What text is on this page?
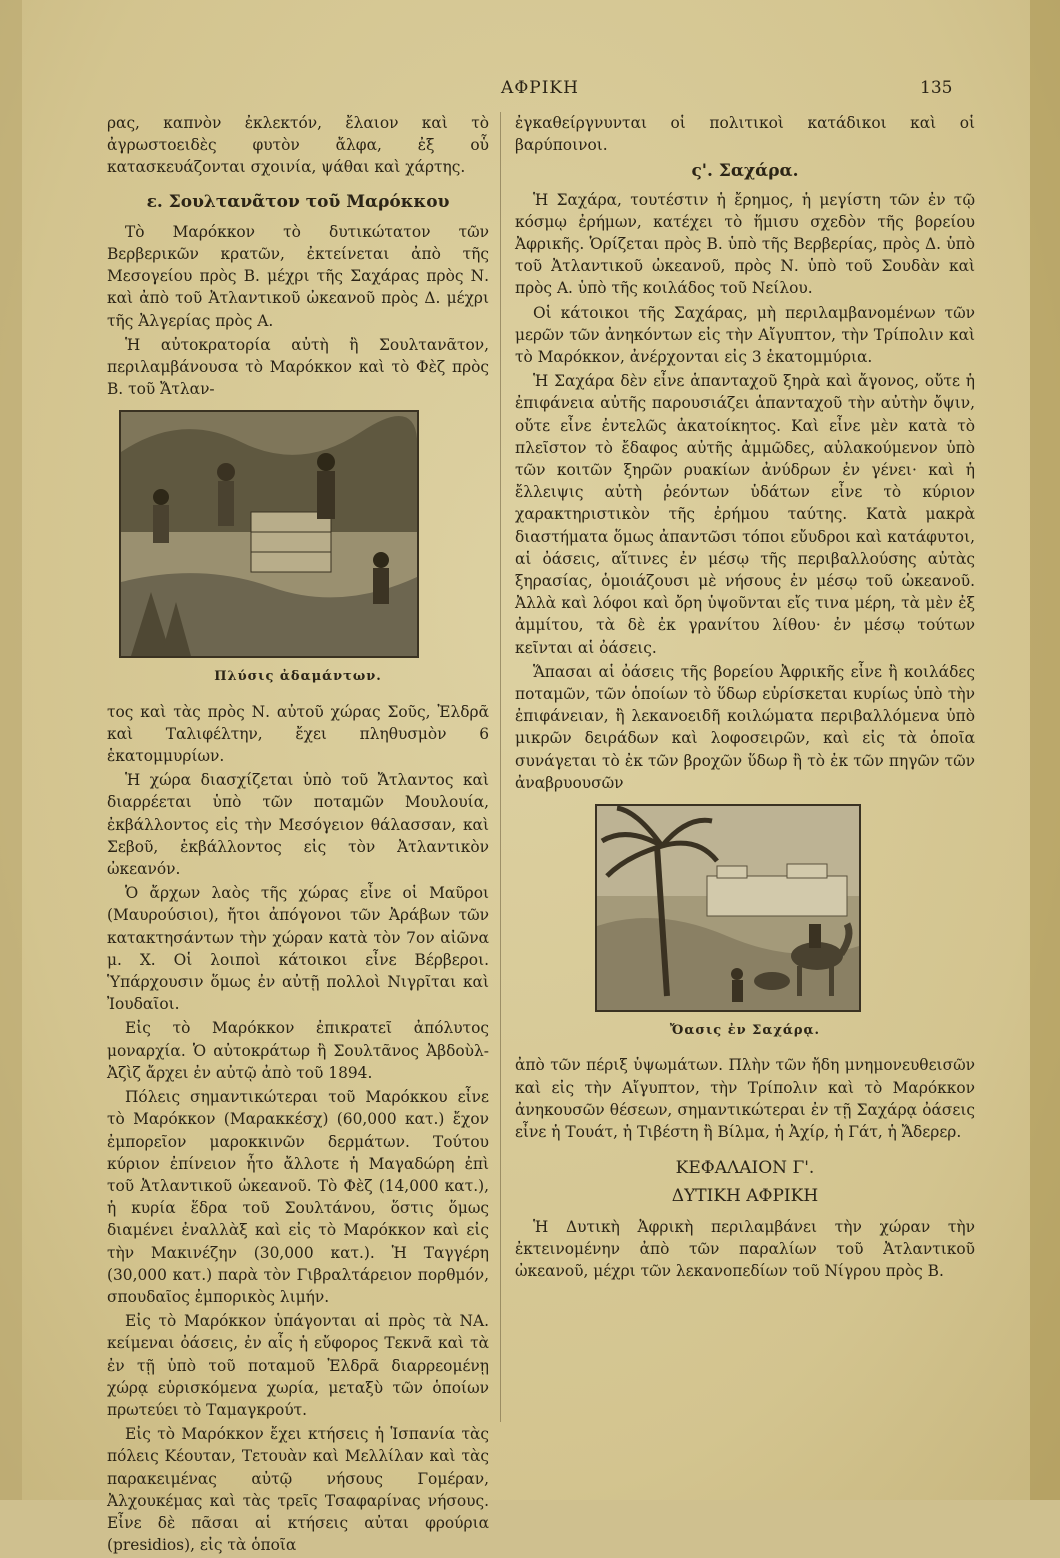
ΑΦΡΙΚΗ	135

ρας, καπνὸν ἐκλεκτόν, ἔλαιον καὶ τὸ ἀγρωστοειδὲς φυτὸν ἄλφα, ἐξ οὗ κατασκευάζονται σχοινία, ψάθαι καὶ χάρτης.

ε. Σουλτανᾶτον τοῦ Μαρόκκου

Τὸ Μαρόκκον τὸ δυτικώτατον τῶν Βερβερικῶν κρατῶν, ἐκτείνεται ἀπὸ τῆς Μεσογείου πρὸς Β. μέχρι τῆς Σαχάρας πρὸς Ν. καὶ ἀπὸ τοῦ Ἀτλαντικοῦ ὠκεανοῦ πρὸς Δ. μέχρι τῆς Ἀλγερίας πρὸς Α.

Ἡ αὐτοκρατορία αὐτὴ ἢ Σουλτανᾶτον, περιλαμβάνουσα τὸ Μαρόκκον καὶ τὸ Φὲζ πρὸς Β. τοῦ Ἄτλαν-

Πλύσις ἀδαμάντων.

τος καὶ τὰς πρὸς Ν. αὐτοῦ χώρας Σοῦς, Ἐλδρᾶ καὶ Ταλιφέλτην, ἔχει πληθυσμὸν 6 ἑκατομμυρίων.

Ἡ χώρα διασχίζεται ὑπὸ τοῦ Ἄτλαντος καὶ διαρρέεται ὑπὸ τῶν ποταμῶν Μουλουία, ἐκβάλλοντος εἰς τὴν Μεσόγειον θάλασσαν, καὶ Σεβοῦ, ἐκβάλλοντος εἰς τὸν Ἀτλαντικὸν ὠκεανόν.

Ὁ ἄρχων λαὸς τῆς χώρας εἶνε οἱ Μαῦροι (Μαυρούσιοι), ἤτοι ἀπόγονοι τῶν Ἀράβων τῶν κατακτησάντων τὴν χώραν κατὰ τὸν 7ον αἰῶνα μ. Χ. Οἱ λοιποὶ κάτοικοι εἶνε Βέρβεροι. Ὑπάρχουσιν ὅμως ἐν αὐτῇ πολλοὶ Νιγρῖται καὶ Ἰουδαῖοι.

Εἰς τὸ Μαρόκκον ἐπικρατεῖ ἀπόλυτος μοναρχία. Ὁ αὐτοκράτωρ ἢ Σουλτᾶνος Ἀβδοὺλ-Ἀζὶζ ἄρχει ἐν αὐτῷ ἀπὸ τοῦ 1894.

Πόλεις σημαντικώτεραι τοῦ Μαρόκκου εἶνε τὸ Μαρόκκον (Μαρακκέσχ) (60,000 κατ.) ἔχον ἐμπορεῖον μαροκκινῶν δερμάτων. Τούτου κύριον ἐπίνειον ἦτο ἄλλοτε ἡ Μαγαδώρη ἐπὶ τοῦ Ἀτλαντικοῦ ὠκεανοῦ. Τὸ Φὲζ (14,000 κατ.), ἡ κυρία ἕδρα τοῦ Σουλτάνου, ὅστις ὅμως διαμένει ἐναλλὰξ καὶ εἰς τὸ Μαρόκκον καὶ εἰς τὴν Μακινέζην (30,000 κατ.). Ἡ Ταγγέρη (30,000 κατ.) παρὰ τὸν Γιβραλτάρειον πορθμόν, σπουδαῖος ἐμπορικὸς λιμήν.

Εἰς τὸ Μαρόκκον ὑπάγονται αἱ πρὸς τὰ ΝΑ. κείμεναι ὀάσεις, ἐν αἷς ἡ εὔφορος Τεκνᾶ καὶ τὰ ἐν τῇ ὑπὸ τοῦ ποταμοῦ Ἐλδρᾶ διαρρεομένῃ χώρᾳ εὑρισκόμενα χωρία, μεταξὺ τῶν ὁποίων πρωτεύει τὸ Ταμαγκρούτ.

Εἰς τὸ Μαρόκκον ἔχει κτήσεις ἡ Ἱσπανία τὰς πόλεις Κέουταν, Τετουὰν καὶ Μελλίλαν καὶ τὰς παρακειμένας αὐτῷ νήσους Γομέραν, Ἀλχουκέμας καὶ τὰς τρεῖς Τσαφαρίνας νήσους. Εἶνε δὲ πᾶσαι αἱ κτήσεις αὐται φρούρια (presidios), εἰς τὰ ὁποῖα

ἐγκαθείργνυνται οἱ πολιτικοὶ κατάδικοι καὶ οἱ βαρύποινοι.

ς'. Σαχάρα.

Ἡ Σαχάρα, τουτέστιν ἡ ἔρημος, ἡ μεγίστη τῶν ἐν τῷ κόσμῳ ἐρήμων, κατέχει τὸ ἥμισυ σχεδὸν τῆς βορείου Ἀφρικῆς. Ὁρίζεται πρὸς Β. ὑπὸ τῆς Βερβερίας, πρὸς Δ. ὑπὸ τοῦ Ἀτλαντικοῦ ὠκεανοῦ, πρὸς Ν. ὑπὸ τοῦ Σουδὰν καὶ πρὸς Α. ὑπὸ τῆς κοιλάδος τοῦ Νείλου.

Οἱ κάτοικοι τῆς Σαχάρας, μὴ περιλαμβανομένων τῶν μερῶν τῶν ἀνηκόντων εἰς τὴν Αἴγυπτον, τὴν Τρίπολιν καὶ τὸ Μαρόκκον, ἀνέρχονται εἰς 3 ἑκατομμύρια.

Ἡ Σαχάρα δὲν εἶνε ἁπανταχοῦ ξηρὰ καὶ ἄγονος, οὔτε ἡ ἐπιφάνεια αὐτῆς παρουσιάζει ἁπανταχοῦ τὴν αὐτὴν ὄψιν, οὔτε εἶνε ἐντελῶς ἀκατοίκητος. Καὶ εἶνε μὲν κατὰ τὸ πλεῖστον τὸ ἔδαφος αὐτῆς ἀμμῶδες, αὐλακούμενον ὑπὸ τῶν κοιτῶν ξηρῶν ρυακίων ἀνύδρων ἐν γένει· καὶ ἡ ἔλλειψις αὐτὴ ῥεόντων ὑδάτων εἶνε τὸ κύριον χαρακτηριστικὸν τῆς ἐρήμου ταύτης. Κατὰ μακρὰ διαστήματα ὅμως ἀπαντῶσι τόποι εὔυδροι καὶ κατάφυτοι, αἱ ὀάσεις, αἵτινες ἐν μέσῳ τῆς περιβαλλούσης αὐτὰς ξηρασίας, ὁμοιάζουσι μὲ νήσους ἐν μέσῳ τοῦ ὠκεανοῦ. Ἀλλὰ καὶ λόφοι καὶ ὄρη ὑψοῦνται εἴς τινα μέρη, τὰ μὲν ἐξ ἀμμίτου, τὰ δὲ ἐκ γρανίτου λίθου· ἐν μέσῳ τούτων κεῖνται αἱ ὀάσεις.

Ἅπασαι αἱ ὀάσεις τῆς βορείου Ἀφρικῆς εἶνε ἢ κοιλάδες ποταμῶν, τῶν ὁποίων τὸ ὕδωρ εὑρίσκεται κυρίως ὑπὸ τὴν ἐπιφάνειαν, ἢ λεκανοειδῆ κοιλώματα περιβαλλόμενα ὑπὸ μικρῶν δειράδων καὶ λοφοσειρῶν, καὶ εἰς τὰ ὁποῖα συνάγεται τὸ ἐκ τῶν βροχῶν ὕδωρ ἢ τὸ ἐκ τῶν πηγῶν τῶν ἀναβρυουσῶν

Ὄασις ἐν Σαχάρᾳ.

ἀπὸ τῶν πέριξ ὑψωμάτων. Πλὴν τῶν ἤδη μνημονευθεισῶν καὶ εἰς τὴν Αἴγυπτον, τὴν Τρίπολιν καὶ τὸ Μαρόκκον ἀνηκουσῶν θέσεων, σημαντικώτεραι ἐν τῇ Σαχάρᾳ ὀάσεις εἶνε ἡ Τουάτ, ἡ Τιβέστη ἢ Βίλμα, ἡ Ἀχίρ, ἡ Γάτ, ἡ Ἄδερερ.

ΚΕΦΑΛΑΙΟΝ Γ'.
ΔΥΤΙΚΗ ΑΦΡΙΚΗ

Ἡ Δυτικὴ Ἀφρικὴ περιλαμβάνει τὴν χώραν τὴν ἐκτεινομένην ἀπὸ τῶν παραλίων τοῦ Ἀτλαντικοῦ ὠκεανοῦ, μέχρι τῶν λεκανοπεδίων τοῦ Νίγρου πρὸς Β.
